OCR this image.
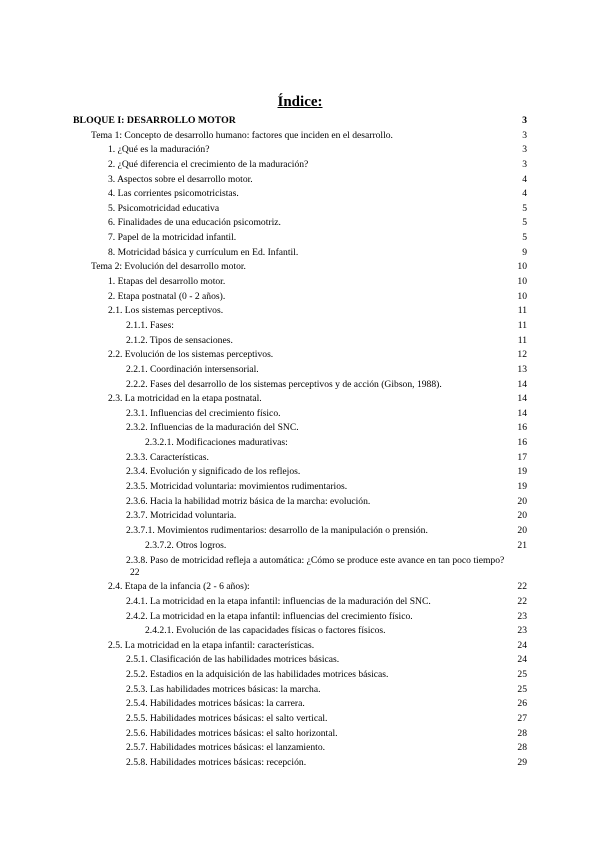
Índice:
BLOQUE I: DESARROLLO MOTOR	3
Tema 1: Concepto de desarrollo humano: factores que inciden en el desarrollo.	3
1. ¿Qué es la maduración?	3
2. ¿Qué diferencia el crecimiento de la maduración?	3
3. Aspectos sobre el desarrollo motor.	4
4. Las corrientes psicomotricistas.	4
5. Psicomotricidad educativa	5
6. Finalidades de una educación psicomotriz.	5
7. Papel de la motricidad infantil.	5
8. Motricidad básica y currículum en Ed. Infantil.	9
Tema 2: Evolución del desarrollo motor.	10
1. Etapas del desarrollo motor.	10
2. Etapa postnatal (0 - 2 años).	10
2.1. Los sistemas perceptivos.	11
2.1.1. Fases:	11
2.1.2. Tipos de sensaciones.	11
2.2. Evolución de los sistemas perceptivos.	12
2.2.1. Coordinación intersensorial.	13
2.2.2. Fases del desarrollo de los sistemas perceptivos y de acción (Gibson, 1988).	14
2.3. La motricidad en la etapa postnatal.	14
2.3.1. Influencias del crecimiento físico.	14
2.3.2. Influencias de la maduración del SNC.	16
2.3.2.1. Modificaciones madurativas:	16
2.3.3. Características.	17
2.3.4. Evolución y significado de los reflejos.	19
2.3.5. Motricidad voluntaria: movimientos rudimentarios.	19
2.3.6. Hacia la habilidad motriz básica de la marcha: evolución.	20
2.3.7. Motricidad voluntaria.	20
2.3.7.1. Movimientos rudimentarios: desarrollo de la manipulación o prensión.	20
2.3.7.2. Otros logros.	21
2.3.8. Paso de motricidad refleja a automática: ¿Cómo se produce este avance en tan poco tiempo?
22
2.4. Etapa de la infancia (2 - 6 años):	22
2.4.1. La motricidad en la etapa infantil: influencias de la maduración del SNC.	22
2.4.2. La motricidad en la etapa infantil: influencias del crecimiento físico.	23
2.4.2.1. Evolución de las capacidades físicas o factores físicos.	23
2.5. La motricidad en la etapa infantil: características.	24
2.5.1. Clasificación de las habilidades motrices básicas.	24
2.5.2. Estadios en la adquisición de las habilidades motrices básicas.	25
2.5.3. Las habilidades motrices básicas: la marcha.	25
2.5.4. Habilidades motrices básicas: la carrera.	26
2.5.5. Habilidades motrices básicas: el salto vertical.	27
2.5.6. Habilidades motrices básicas: el salto horizontal.	28
2.5.7. Habilidades motrices básicas: el lanzamiento.	28
2.5.8. Habilidades motrices básicas: recepción.	29
